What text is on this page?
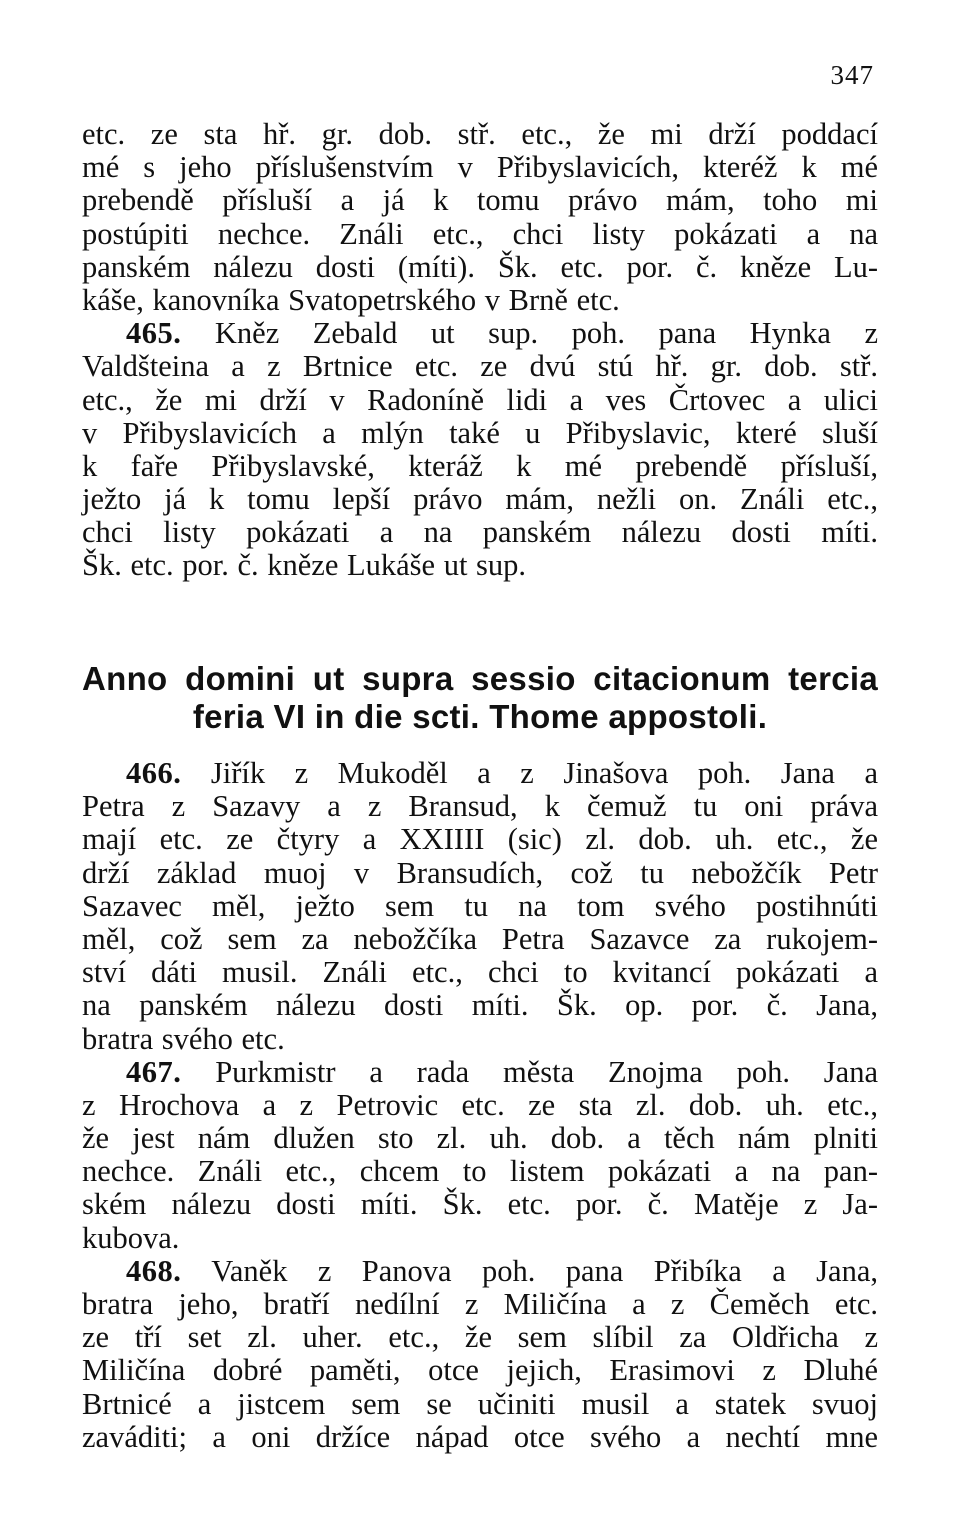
347
etc. ze sta hř. gr. dob. stř. etc., že mi drží poddací
mé s jeho příslušenstvím v Přibyslavicích, kteréž k mé
prebendě přísluší a já k tomu právo mám, toho mi
postúpiti nechce. Ználi etc., chci listy pokázati a na
panském nálezu dosti (míti). Šk. etc. por. č. kněze Lu-
káše, kanovníka Svatopetrského v Brně etc.
465. Kněz Zebald ut sup. poh. pana Hynka z
Valdšteina a z Brtnice etc. ze dvú stú hř. gr. dob. stř.
etc., že mi drží v Radoníně lidi a ves Črtovec a ulici
v Přibyslavicích a mlýn také u Přibyslavic, které sluší
k faře Přibyslavské, kteráž k mé prebendě přísluší,
ježto já k tomu lepší právo mám, nežli on. Ználi etc.,
chci listy pokázati a na panském nálezu dosti míti.
Šk. etc. por. č. kněze Lukáše ut sup.
Anno domini ut supra sessio citacionum tercia
feria VI in die scti. Thome appostoli.
466. Jiřík z Mukoděl a z Jinašova poh. Jana a
Petra z Sazavy a z Bransud, k čemuž tu oni práva
mají etc. ze čtyry a XXIIII (sic) zl. dob. uh. etc., že
drží základ muoj v Bransudích, což tu nebožčík Petr
Sazavec měl, ježto sem tu na tom svého postihnúti
měl, což sem za nebožčíka Petra Sazavce za rukojem-
ství dáti musil. Ználi etc., chci to kvitancí pokázati a
na panském nálezu dosti míti. Šk. op. por. č. Jana,
bratra svého etc.
467. Purkmistr a rada města Znojma poh. Jana
z Hrochova a z Petrovic etc. ze sta zl. dob. uh. etc.,
že jest nám dlužen sto zl. uh. dob. a těch nám plniti
nechce. Ználi etc., chcem to listem pokázati a na pan-
ském nálezu dosti míti. Šk. etc. por. č. Matěje z Ja-
kubova.
468. Vaněk z Panova poh. pana Přibíka a Jana,
bratra jeho, bratří nedílní z Miličína a z Čeměch etc.
ze tří set zl. uher. etc., že sem slíbil za Oldřicha z
Miličína dobré paměti, otce jejich, Erasimovi z Dluhé
Brtnicé a jistcem sem se učiniti musil a statek svuoj
zaváditi; a oni držíce nápad otce svého a nechtí mne
